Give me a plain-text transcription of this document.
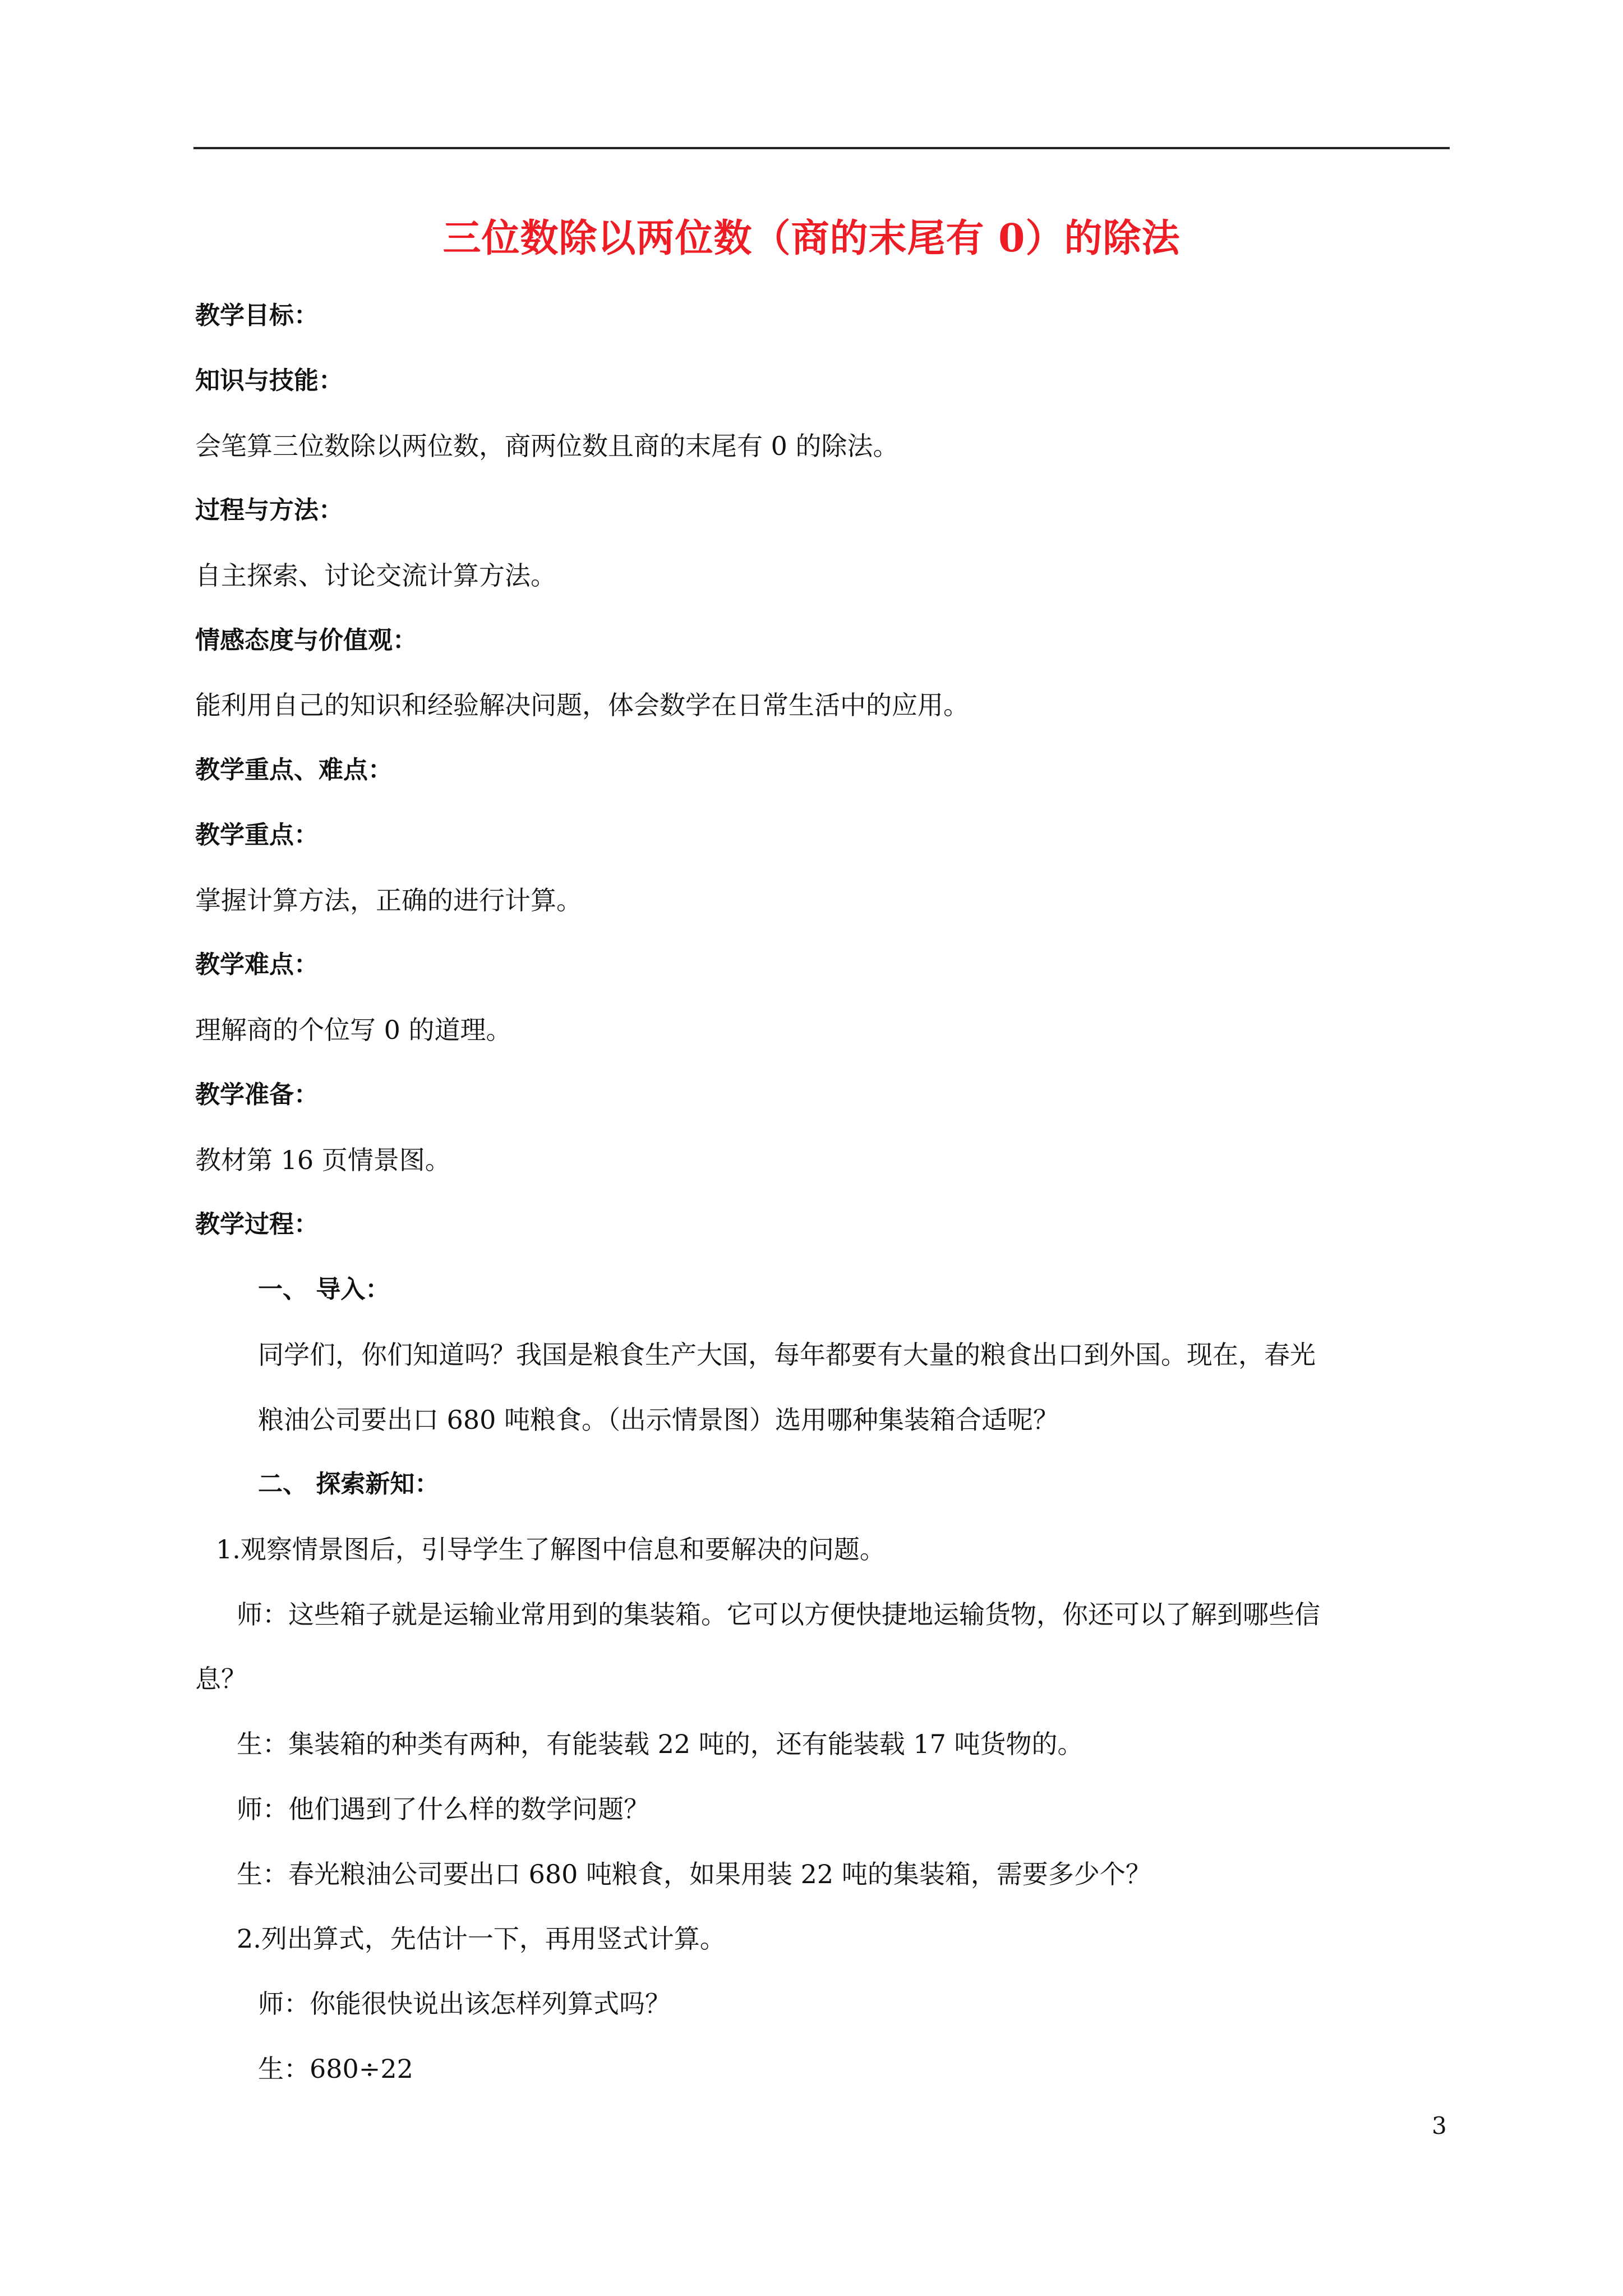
三位数除以两位数（商的末尾有 0）的除法
教学目标：
知识与技能：
会笔算三位数除以两位数，商两位数且商的末尾有 0 的除法。
过程与方法：
自主探索、讨论交流计算方法。
情感态度与价值观：
能利用自己的知识和经验解决问题，体会数学在日常生活中的应用。
教学重点、难点：
教学重点：
掌握计算方法，正确的进行计算。
教学难点：
理解商的个位写 0 的道理。
教学准备：
教材第 16 页情景图。
教学过程：
一、 导入：
同学们，你们知道吗？我国是粮食生产大国，每年都要有大量的粮食出口到外国。现在，春光
粮油公司要出口 680 吨粮食。（出示情景图）选用哪种集装箱合适呢？
二、 探索新知：
1.观察情景图后，引导学生了解图中信息和要解决的问题。
师：这些箱子就是运输业常用到的集装箱。它可以方便快捷地运输货物，你还可以了解到哪些信
息？
生：集装箱的种类有两种，有能装载 22 吨的，还有能装载 17 吨货物的。
师：他们遇到了什么样的数学问题？
生：春光粮油公司要出口 680 吨粮食，如果用装 22 吨的集装箱，需要多少个？
2.列出算式，先估计一下，再用竖式计算。
师：你能很快说出该怎样列算式吗？
生：680÷22
3
